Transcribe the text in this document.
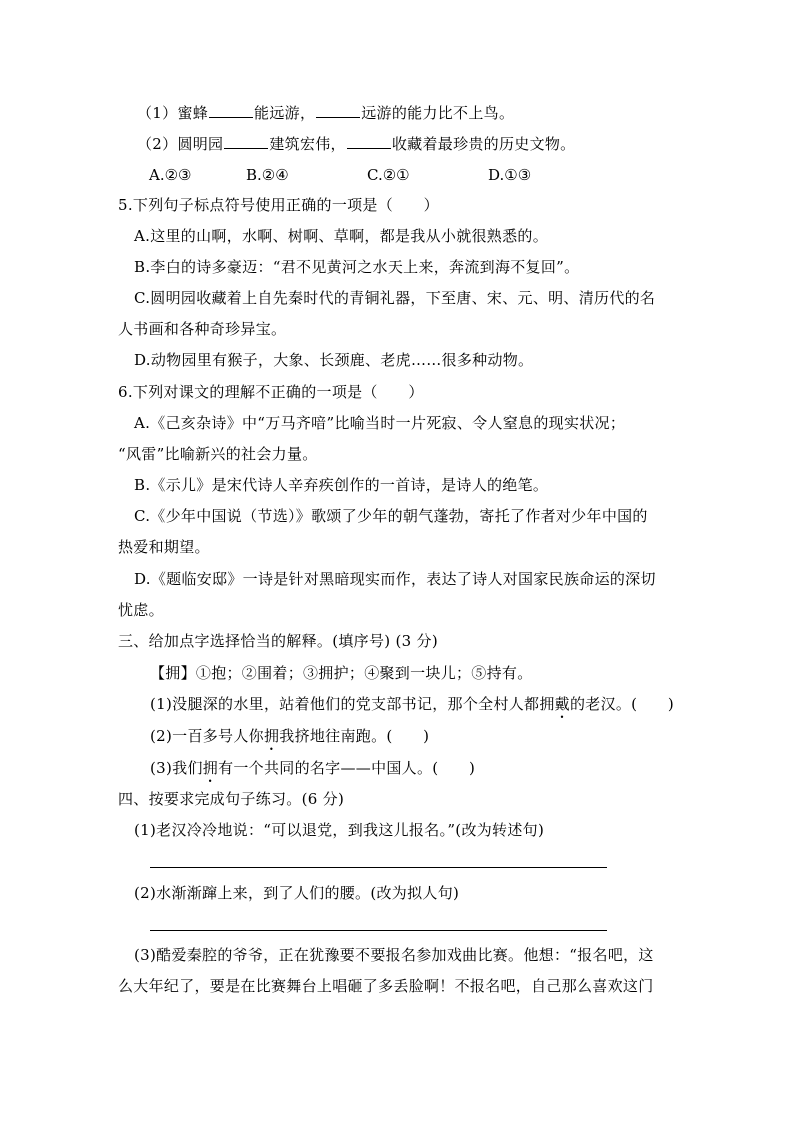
（1）蜜蜂	能远游，	远游的能力比不上鸟。
（2）圆明园	建筑宏伟，	收藏着最珍贵的历史文物。
A.②③	B.②④	C.②①	D.①③
5.下列句子标点符号使用正确的一项是（　　）
A.这里的山啊，水啊、树啊、草啊，都是我从小就很熟悉的。
B.李白的诗多豪迈：“君不见黄河之水天上来，奔流到海不复回”。
C.圆明园收藏着上自先秦时代的青铜礼器，下至唐、宋、元、明、清历代的名
人书画和各种奇珍异宝。
D.动物园里有猴子，大象、长颈鹿、老虎……很多种动物。
6.下列对课文的理解不正确的一项是（　　）
A.《己亥杂诗》中“万马齐喑”比喻当时一片死寂、令人窒息的现实状况；
“风雷”比喻新兴的社会力量。
B.《示儿》是宋代诗人辛弃疾创作的一首诗，是诗人的绝笔。
C.《少年中国说（节选）》歌颂了少年的朝气蓬勃，寄托了作者对少年中国的
热爱和期望。
D.《题临安邸》一诗是针对黑暗现实而作，表达了诗人对国家民族命运的深切
忧虑。
三、给加点字选择恰当的解释。(填序号) (3 分)
【拥】①抱；②围着；③拥护；④聚到一块儿；⑤持有。
(1)没腿深的水里，站着他们的党支部书记，那个全村人都拥戴的老汉。(　　)
(2)一百多号人你拥我挤地往南跑。(　　)
(3)我们拥有一个共同的名字——中国人。(　　)
四、按要求完成句子练习。(6 分)
(1)老汉冷冷地说：“可以退党，到我这儿报名。”(改为转述句)
(2)水渐渐蹿上来，到了人们的腰。(改为拟人句)
(3)酷爱秦腔的爷爷，正在犹豫要不要报名参加戏曲比赛。他想：“报名吧，这
么大年纪了，要是在比赛舞台上唱砸了多丢脸啊！不报名吧，自己那么喜欢这门
